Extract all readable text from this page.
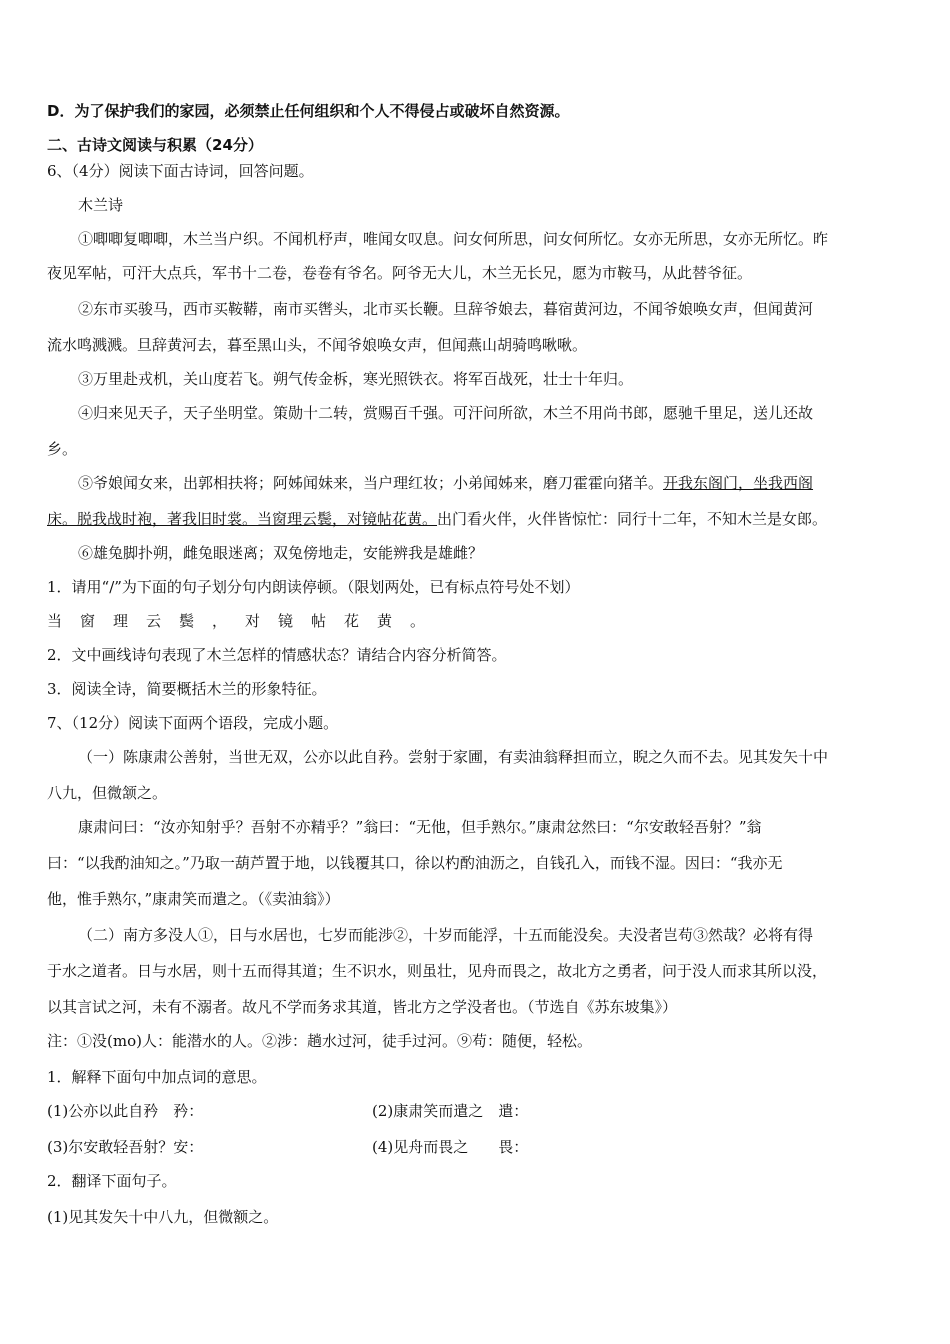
D．为了保护我们的家园，必须禁止任何组织和个人不得侵占或破坏自然资源。
二、古诗文阅读与积累（24分）
6、（4分）阅读下面古诗词，回答问题。
木兰诗
①唧唧复唧唧，木兰当户织。不闻机杼声，唯闻女叹息。问女何所思，问女何所忆。女亦无所思，女亦无所忆。昨
夜见军帖，可汗大点兵，军书十二卷，卷卷有爷名。阿爷无大儿，木兰无长兄，愿为市鞍马，从此替爷征。
②东市买骏马，西市买鞍鞯，南市买辔头，北市买长鞭。旦辞爷娘去，暮宿黄河边，不闻爷娘唤女声，但闻黄河
流水鸣溅溅。旦辞黄河去，暮至黑山头，不闻爷娘唤女声，但闻燕山胡骑鸣啾啾。
③万里赴戎机，关山度若飞。朔气传金柝，寒光照铁衣。将军百战死，壮士十年归。
④归来见天子，天子坐明堂。策勋十二转，赏赐百千强。可汗问所欲，木兰不用尚书郎，愿驰千里足，送儿还故
乡。
⑤爷娘闻女来，出郭相扶将；阿姊闻妹来，当户理红妆；小弟闻姊来，磨刀霍霍向猪羊。开我东阁门，坐我西阁
床。脱我战时袍，著我旧时裳。当窗理云鬓，对镜帖花黄。出门看火伴，火伴皆惊忙：同行十二年，不知木兰是女郎。
⑥雄兔脚扑朔，雌兔眼迷离；双兔傍地走，安能辨我是雄雌？
1．请用“/”为下面的句子划分句内朗读停顿。（限划两处，已有标点符号处不划）
当窗理云鬓，对镜帖花黄。
2．文中画线诗句表现了木兰怎样的情感状态？请结合内容分析简答。
3．阅读全诗，简要概括木兰的形象特征。
7、（12分）阅读下面两个语段，完成小题。
（一）陈康肃公善射，当世无双，公亦以此自矜。尝射于家圃，有卖油翁释担而立，睨之久而不去。见其发矢十中
八九，但微颔之。
康肃问曰：“汝亦知射乎？吾射不亦精乎？”翁曰：“无他，但手熟尔。”康肃忿然曰：“尔安敢轻吾射？”翁
曰：“以我酌油知之。”乃取一葫芦置于地，以钱覆其口，徐以杓酌油沥之，自钱孔入，而钱不湿。因曰：“我亦无
他，惟手熟尔，”康肃笑而遣之。（《卖油翁》）
（二）南方多没人①，日与水居也，七岁而能涉②，十岁而能浮，十五而能没矣。夫没者岂苟③然哉？必将有得
于水之道者。日与水居，则十五而得其道；生不识水，则虽壮，见舟而畏之，故北方之勇者，问于没人而求其所以没，
以其言试之河，未有不溺者。故凡不学而务求其道，皆北方之学没者也。（节选自《苏东坡集》）
注：①没(mo)人：能潜水的人。②涉：趟水过河，徒手过河。⑨苟：随便，轻松。
1．解释下面句中加点词的意思。
(1)公亦以此自矜　矜：	(2)康肃笑而遣之　遣：
(3)尔安敢轻吾射？安：	(4)见舟而畏之　　畏：
2．翻译下面句子。
(1)见其发矢十中八九，但微额之。
